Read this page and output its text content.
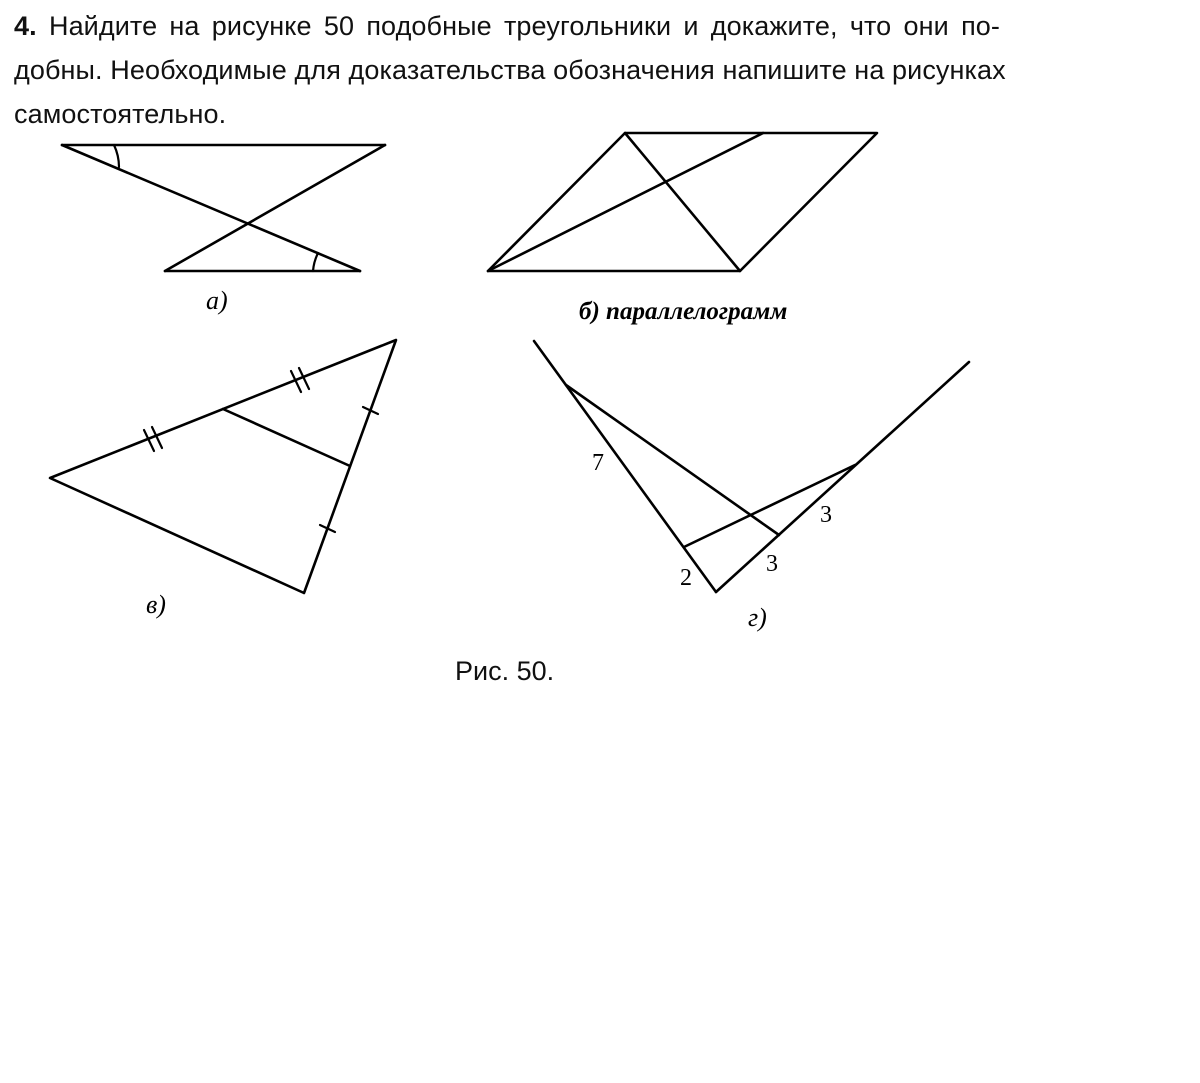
4. Найдите на рисунке 50 подобные треугольники и докажите, что они по-
добны. Необходимые для доказательства обозначения напишите на рисунках
самостоятельно.
а)	б) параллелограмм
в)
7
2
3
3
г)

Рис. 50.
